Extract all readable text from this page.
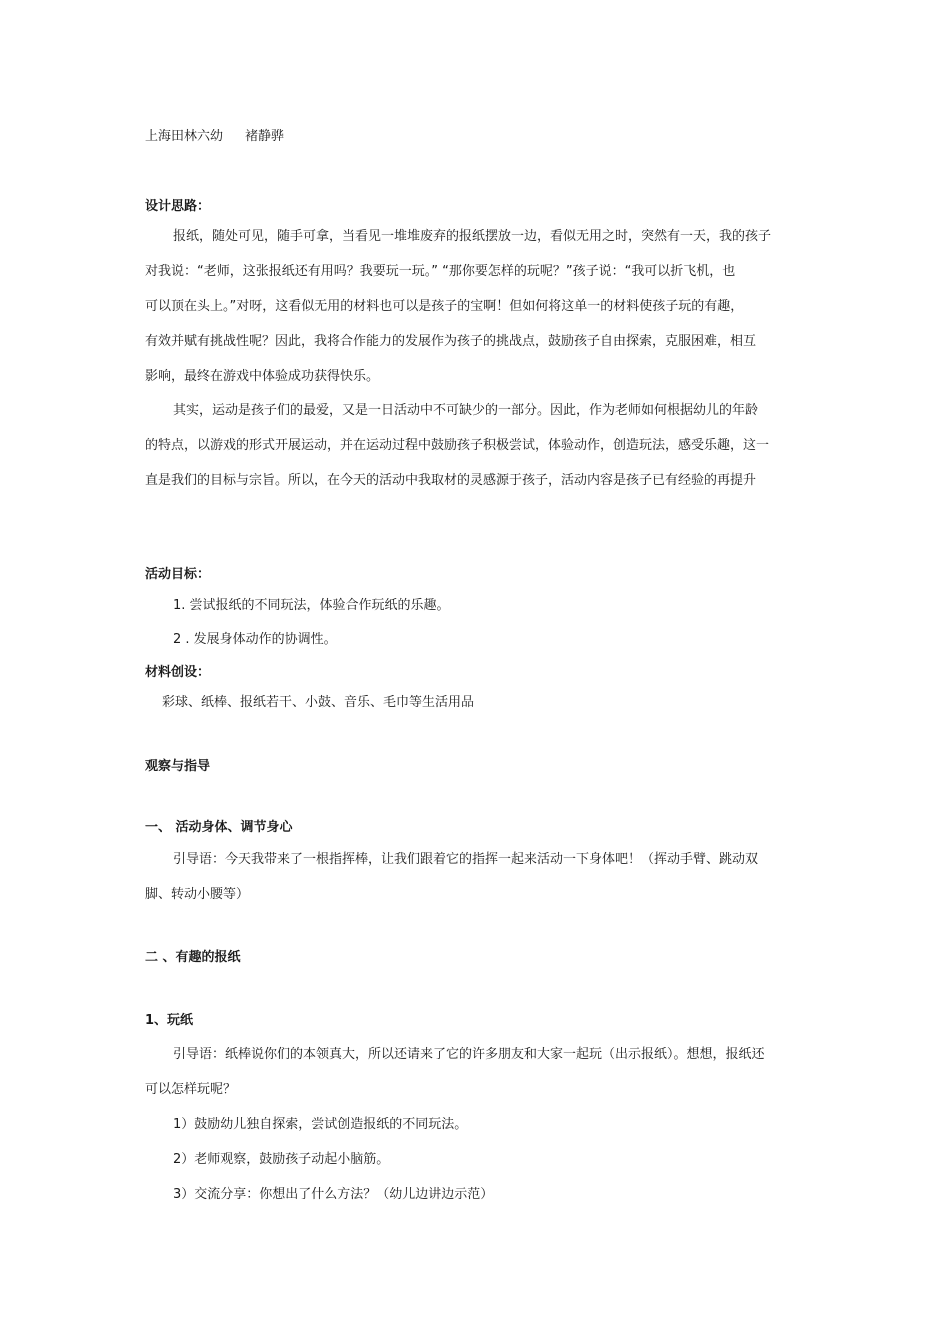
上海田林六幼 褚静骅
设计思路：
报纸，随处可见，随手可拿，当看见一堆堆废弃的报纸摆放一边，看似无用之时，突然有一天，我的孩子
对我说：“老师，这张报纸还有用吗？我要玩一玩。” “那你要怎样的玩呢？”孩子说：“我可以折飞机，也
可以顶在头上。”对呀，这看似无用的材料也可以是孩子的宝啊！但如何将这单一的材料使孩子玩的有趣，
有效并赋有挑战性呢？因此，我将合作能力的发展作为孩子的挑战点，鼓励孩子自由探索，克服困难，相互
影响，最终在游戏中体验成功获得快乐。
其实，运动是孩子们的最爱，又是一日活动中不可缺少的一部分。因此，作为老师如何根据幼儿的年龄
的特点，以游戏的形式开展运动，并在运动过程中鼓励孩子积极尝试，体验动作，创造玩法，感受乐趣，这一
直是我们的目标与宗旨。所以，在今天的活动中我取材的灵感源于孩子，活动内容是孩子已有经验的再提升
活动目标：
1. 尝试报纸的不同玩法，体验合作玩纸的乐趣。
2 . 发展身体动作的协调性。
材料创设：
彩球、纸棒、报纸若干、小鼓、音乐、毛巾等生活用品
观察与指导
一、 活动身体、调节身心
引导语：今天我带来了一根指挥棒，让我们跟着它的指挥一起来活动一下身体吧！（挥动手臂、跳动双
脚、转动小腰等）
二 、有趣的报纸
1、玩纸
引导语：纸棒说你们的本领真大，所以还请来了它的许多朋友和大家一起玩（出示报纸）。想想，报纸还
可以怎样玩呢？
1）鼓励幼儿独自探索，尝试创造报纸的不同玩法。
2）老师观察，鼓励孩子动起小脑筋。
3）交流分享：你想出了什么方法？（幼儿边讲边示范）
